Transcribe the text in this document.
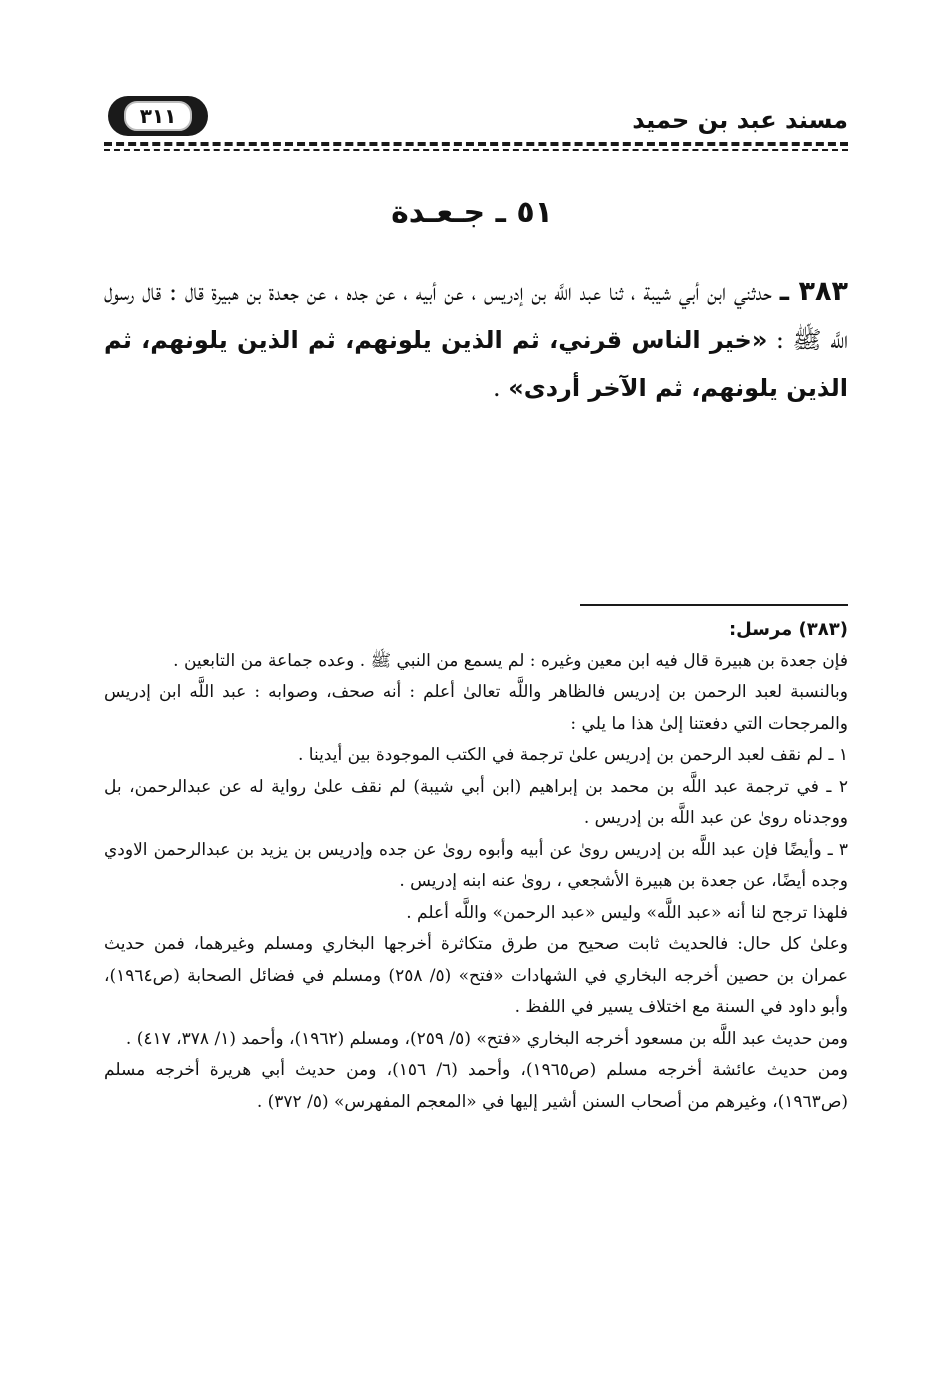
مسند عبد بن حميد
٣١١
٥١ ـ جـعـدة
٣٨٣ ـ حدثني ابن أبي شيبة ، ثنا عبد اللَّه بن إدريس ، عن أبيه ، عن جده ، عن جعدة بن هبيرة قال : قال رسول اللَّه ﷺ : «خير الناس قرني، ثم الذين يلونهم، ثم الذين يلونهم، ثم الذين يلونهم، ثم الآخر أردى» .

(٣٨٣) مرسل:

فإن جعدة بن هبيرة قال فيه ابن معين وغيره : لم يسمع من النبي ﷺ . وعده جماعة من التابعين .

وبالنسبة لعبد الرحمن بن إدريس فالظاهر واللَّه تعالىٰ أعلم : أنه صحف، وصوابه : عبد اللَّه ابن إدريس والمرجحات التي دفعتنا إلىٰ هذا ما يلي :

١ ـ لم نقف لعبد الرحمن بن إدريس علىٰ ترجمة في الكتب الموجودة بين أيدينا .

٢ ـ في ترجمة عبد اللَّه بن محمد بن إبراهيم (ابن أبي شيبة) لم نقف علىٰ رواية له عن عبدالرحمن، بل ووجدناه روىٰ عن عبد اللَّه بن إدريس .

٣ ـ وأيضًا فإن عبد اللَّه بن إدريس روىٰ عن أبيه وأبوه روىٰ عن جده وإدريس بن يزيد بن عبدالرحمن الاودي وجده أيضًا، عن جعدة بن هبيرة الأشجعي ، روىٰ عنه ابنه إدريس .

فلهذا ترجح لنا أنه «عبد اللَّه» وليس «عبد الرحمن» واللَّه أعلم .

وعلىٰ كل حال: فالحديث ثابت صحيح من طرق متكاثرة أخرجها البخاري ومسلم وغيرهما، فمن حديث عمران بن حصين أخرجه البخاري في الشهادات «فتح» (٥/ ٢٥٨) ومسلم في فضائل الصحابة (ص١٩٦٤)، وأبو داود في السنة مع اختلاف يسير في اللفظ .

ومن حديث عبد اللَّه بن مسعود أخرجه البخاري «فتح» (٥/ ٢٥٩)، ومسلم (١٩٦٢)، وأحمد (١/ ٣٧٨، ٤١٧) .

ومن حديث عائشة أخرجه مسلم (ص١٩٦٥)، وأحمد (٦/ ١٥٦)، ومن حديث أبي هريرة أخرجه مسلم (ص١٩٦٣)، وغيرهم من أصحاب السنن أشير إليها في «المعجم المفهرس» (٥/ ٣٧٢) .
